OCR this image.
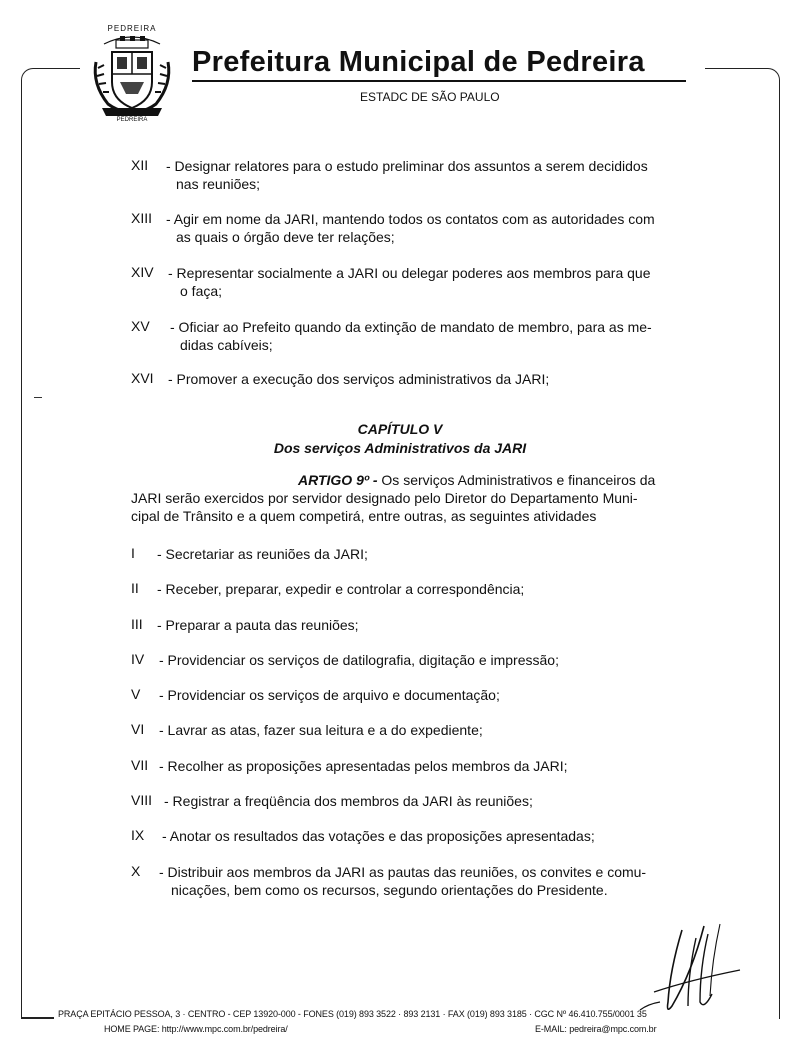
PEDREIRA
PEDREIRA
Prefeitura Municipal de Pedreira
ESTADC DE SÃO PAULO
XII - Designar relatores para o estudo preliminar dos assuntos a serem decididos
nas reuniões;
XIII - Agir em nome da JARI, mantendo todos os contatos com as autoridades com
as quais o órgão deve ter relações;
XIV - Representar socialmente a JARI ou delegar poderes aos membros para que
o faça;
XV - Oficiar ao Prefeito quando da extinção de mandato de membro, para as me-
didas cabíveis;
XVI - Promover a execução dos serviços administrativos da JARI;
CAPÍTULO V
Dos serviços Administrativos da JARI
ARTIGO 9º - Os serviços Administrativos e financeiros da
JARI serão exercidos por servidor designado pelo Diretor do Departamento Muni-
cipal de Trânsito e a quem competirá, entre outras, as seguintes atividades
I - Secretariar as reuniões da JARI;
II - Receber, preparar, expedir e controlar a correspondência;
III - Preparar a pauta das reuniões;
IV - Providenciar os serviços de datilografia, digitação e impressão;
V - Providenciar os serviços de arquivo e documentação;
VI - Lavrar as atas, fazer sua leitura e a do expediente;
VII - Recolher as proposições apresentadas pelos membros da JARI;
VIII - Registrar a freqüência dos membros da JARI às reuniões;
IX - Anotar os resultados das votações e das proposições apresentadas;
X - Distribuir aos membros da JARI as pautas das reuniões, os convites e comu-
nicações, bem como os recursos, segundo orientações do Presidente.
PRAÇA EPITÁCIO PESSOA, 3 · CENTRO - CEP 13920-000 - FONES (019) 893 3522 · 893 2131 · FAX (019) 893 3185 · CGC Nº 46.410.755/0001 35
HOME PAGE: http://www.mpc.com.br/pedreira/	E-MAIL: pedreira@mpc.com.br
